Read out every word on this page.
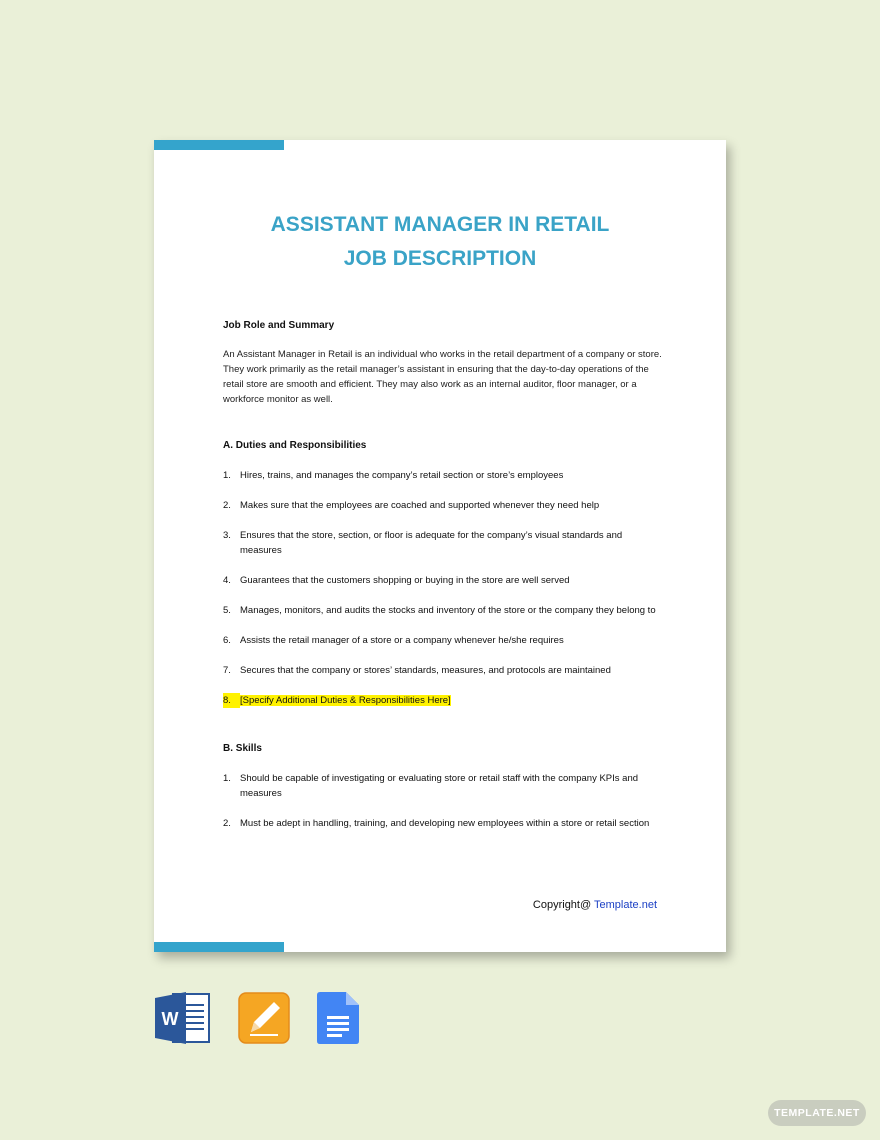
ASSISTANT MANAGER IN RETAIL
JOB DESCRIPTION

Job Role and Summary

An Assistant Manager in Retail is an individual who works in the retail department of a company or store. They work primarily as the retail manager’s assistant in ensuring that the day-to-day operations of the retail store are smooth and efficient. They may also work as an internal auditor, floor manager, or a workforce monitor as well.

A. Duties and Responsibilities

1. Hires, trains, and manages the company’s retail section or store’s employees
2. Makes sure that the employees are coached and supported whenever they need help
3. Ensures that the store, section, or floor is adequate for the company’s visual standards and measures
4. Guarantees that the customers shopping or buying in the store are well served
5. Manages, monitors, and audits the stocks and inventory of the store or the company they belong to
6. Assists the retail manager of a store or a company whenever he/she requires
7. Secures that the company or stores’ standards, measures, and protocols are maintained
8. [Specify Additional Duties & Responsibilities Here]

B. Skills

1. Should be capable of investigating or evaluating store or retail staff with the company KPIs and measures
2. Must be adept in handling, training, and developing new employees within a store or retail section
Copyright@ Template.net
W
TEMPLATE.NET
